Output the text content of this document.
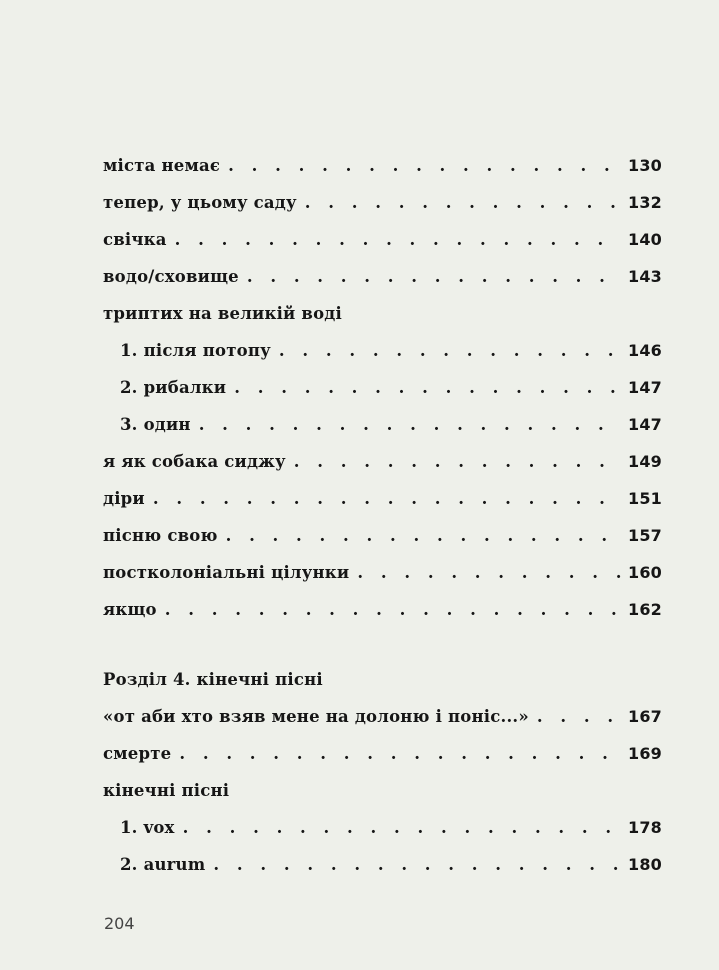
міста немає . . .	130
тепер, у цьому саду . . .	132
свічка . . .	140
водо/сховище . . .	143
триптих на великій воді
1. після потопу . . .	146
2. рибалки . . .	147
3. один . . .	147
я як собака сиджу . . .	149
діри . . .	151
пісню свою . . .	157
постколоніальні цілунки . . .	160
якщо . . .	162
Розділ 4. кінечні пісні
«от аби хто взяв мене на долоню і поніс...» . . .	167
смерте . . .	169
кінечні пісні
1. vox . . .	178
2. aurum . . .	180
204
